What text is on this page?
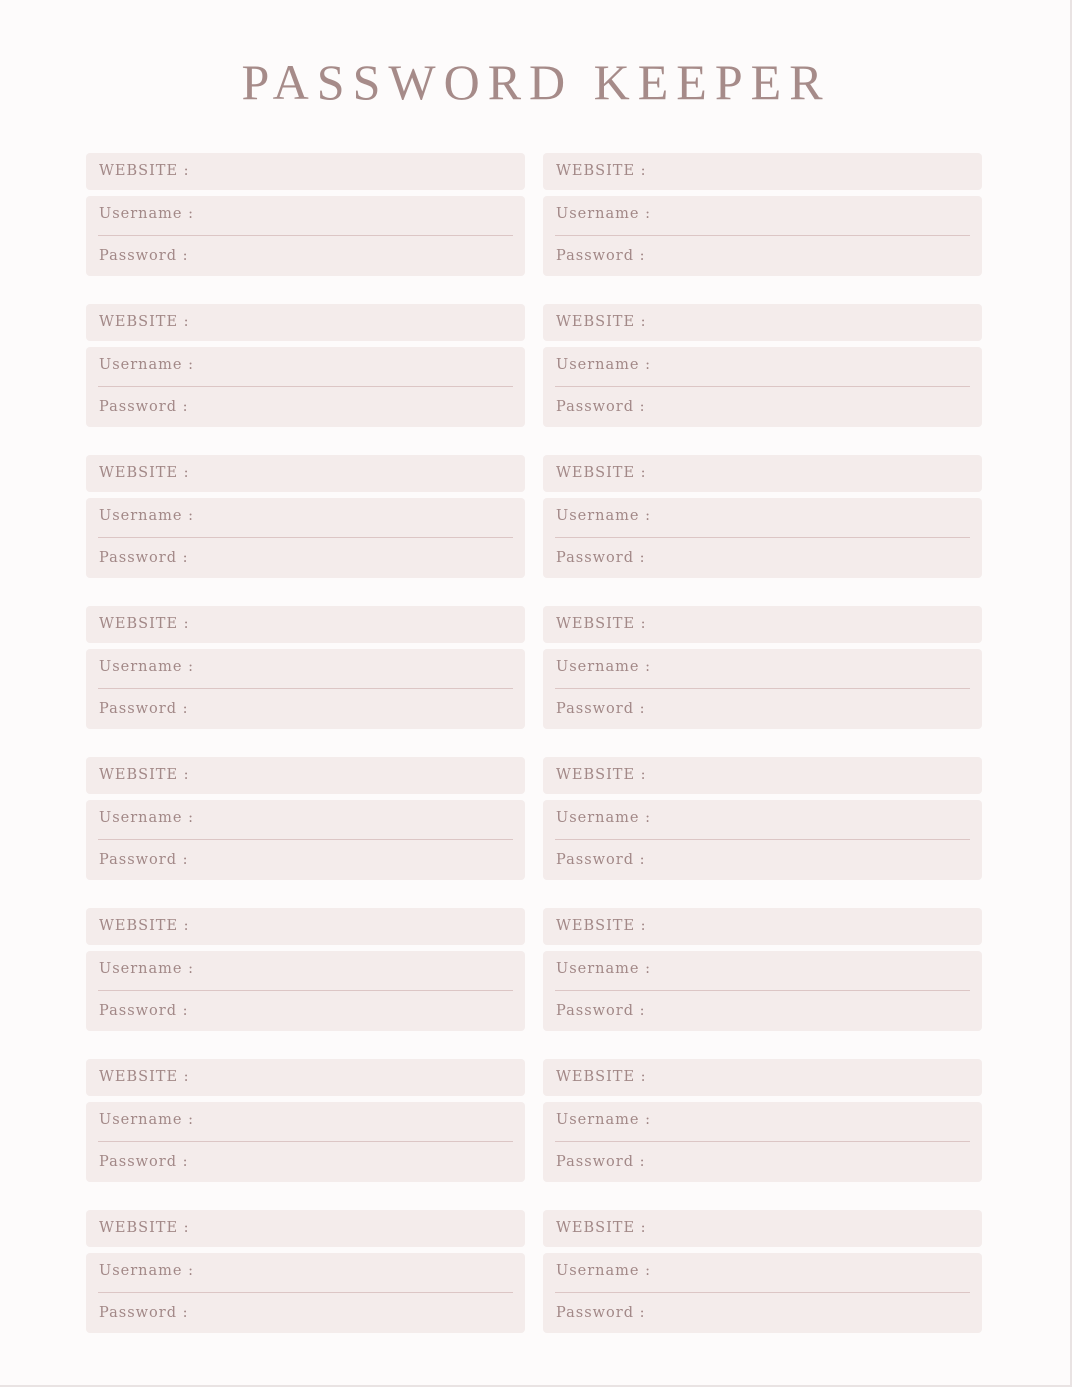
PASSWORD KEEPER
WEBSITE :
Username :
Password :
WEBSITE :
Username :
Password :
WEBSITE :
Username :
Password :
WEBSITE :
Username :
Password :
WEBSITE :
Username :
Password :
WEBSITE :
Username :
Password :
WEBSITE :
Username :
Password :
WEBSITE :
Username :
Password :
WEBSITE :
Username :
Password :
WEBSITE :
Username :
Password :
WEBSITE :
Username :
Password :
WEBSITE :
Username :
Password :
WEBSITE :
Username :
Password :
WEBSITE :
Username :
Password :
WEBSITE :
Username :
Password :
WEBSITE :
Username :
Password :
